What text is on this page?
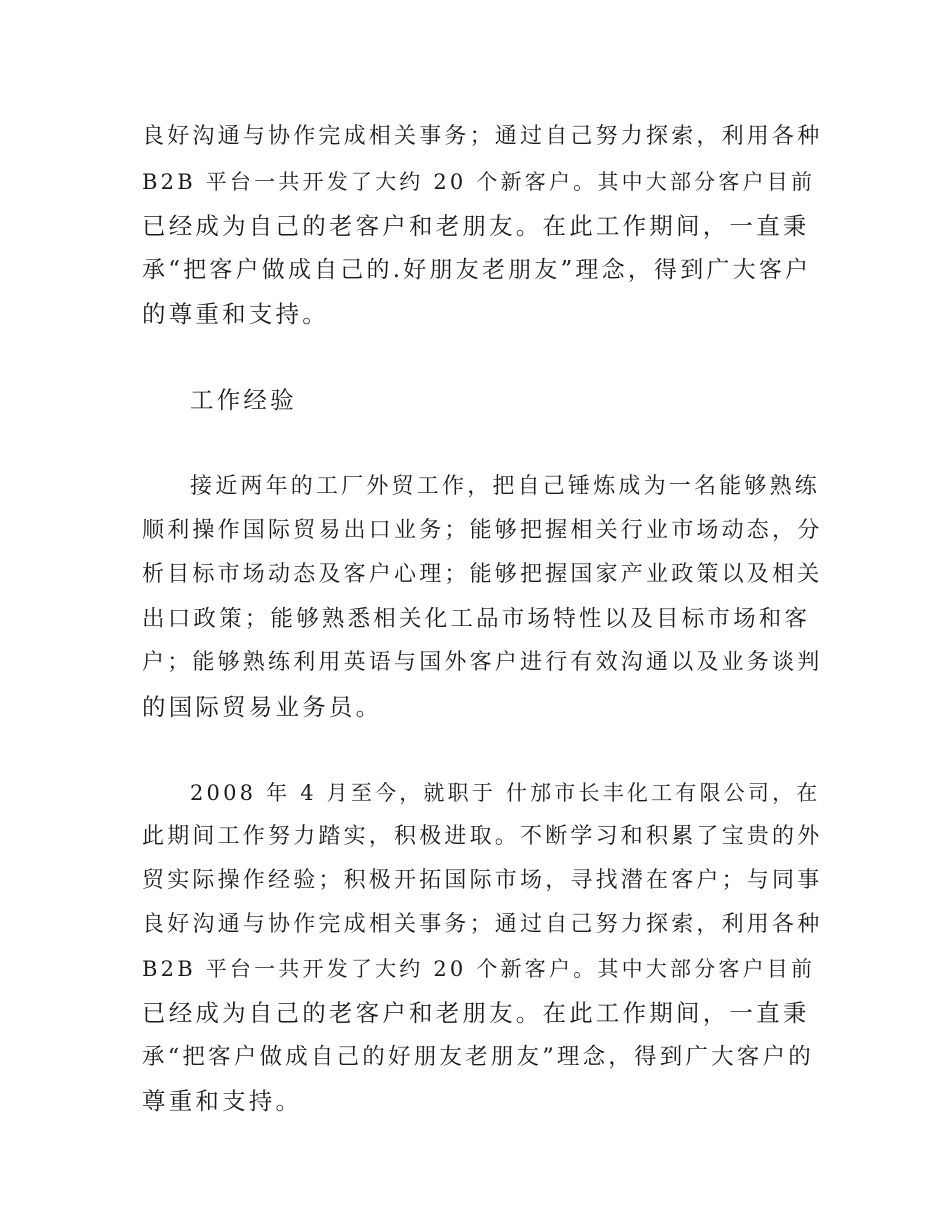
良好沟通与协作完成相关事务；通过自己努力探索，利用各种
B2B 平台一共开发了大约 20 个新客户。其中大部分客户目前
已经成为自己的老客户和老朋友。在此工作期间，一直秉
承“把客户做成自己的.好朋友老朋友”理念，得到广大客户
的尊重和支持。
工作经验
接近两年的工厂外贸工作，把自己锤炼成为一名能够熟练
顺利操作国际贸易出口业务；能够把握相关行业市场动态，分
析目标市场动态及客户心理；能够把握国家产业政策以及相关
出口政策；能够熟悉相关化工品市场特性以及目标市场和客
户；能够熟练利用英语与国外客户进行有效沟通以及业务谈判
的国际贸易业务员。
2008 年 4 月至今，就职于 什邡市长丰化工有限公司，在
此期间工作努力踏实，积极进取。不断学习和积累了宝贵的外
贸实际操作经验；积极开拓国际市场，寻找潜在客户；与同事
良好沟通与协作完成相关事务；通过自己努力探索，利用各种
B2B 平台一共开发了大约 20 个新客户。其中大部分客户目前
已经成为自己的老客户和老朋友。在此工作期间，一直秉
承“把客户做成自己的好朋友老朋友”理念，得到广大客户的
尊重和支持。
